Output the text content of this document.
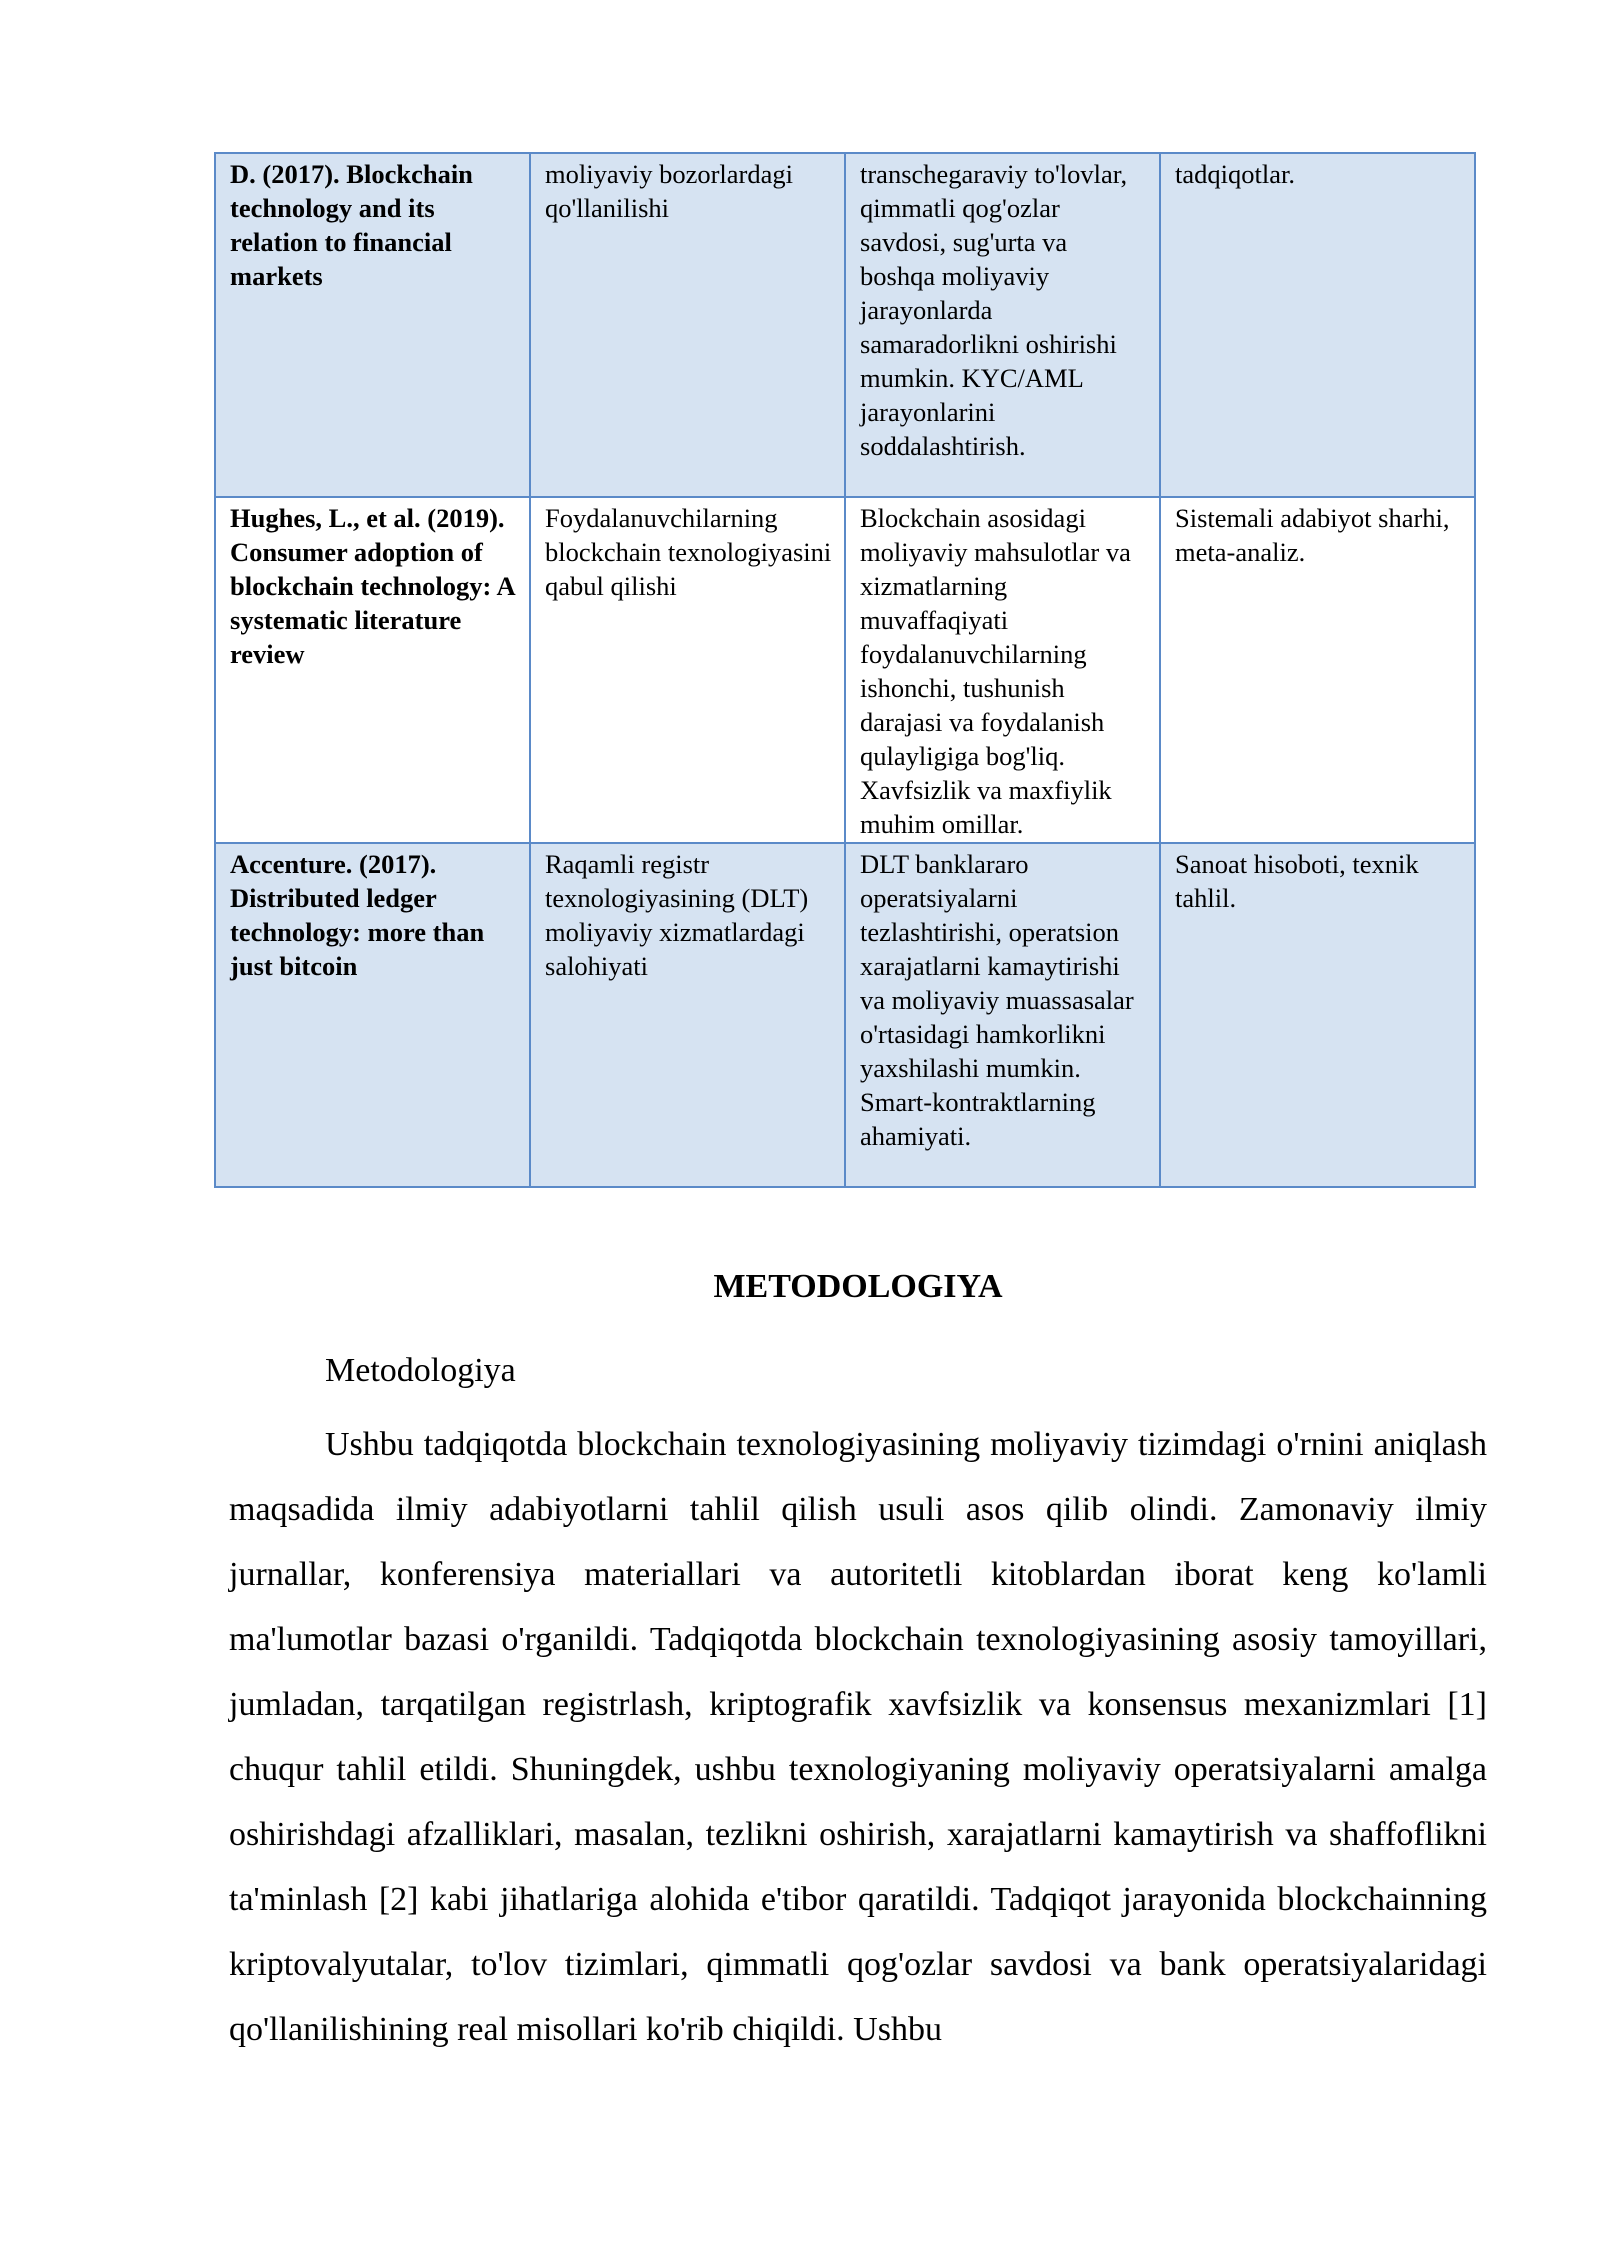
D. (2017). Blockchain technology and its relation to financial markets	moliyaviy bozorlardagi qo'llanilishi	transchegaraviy to'lovlar, qimmatli qog'ozlar savdosi, sug'urta va boshqa moliyaviy jarayonlarda samaradorlikni oshirishi mumkin. KYC/AML jarayonlarini soddalashtirish.	tadqiqotlar.
Hughes, L., et al. (2019). Consumer adoption of blockchain technology: A systematic literature review	Foydalanuvchilarning blockchain texnologiyasini qabul qilishi	Blockchain asosidagi moliyaviy mahsulotlar va xizmatlarning muvaffaqiyati foydalanuvchilarning ishonchi, tushunish darajasi va foydalanish qulayligiga bog'liq. Xavfsizlik va maxfiylik muhim omillar.	Sistemali adabiyot sharhi, meta-analiz.
Accenture. (2017). Distributed ledger technology: more than just bitcoin	Raqamli registr texnologiyasining (DLT) moliyaviy xizmatlardagi salohiyati	DLT banklararo operatsiyalarni tezlashtirishi, operatsion xarajatlarni kamaytirishi va moliyaviy muassasalar o'rtasidagi hamkorlikni yaxshilashi mumkin. Smart-kontraktlarning ahamiyati.	Sanoat hisoboti, texnik tahlil.
METODOLOGIYA
Metodologiya

Ushbu tadqiqotda blockchain texnologiyasining moliyaviy tizimdagi o'rnini aniqlash maqsadida ilmiy adabiyotlarni tahlil qilish usuli asos qilib olindi. Zamonaviy ilmiy jurnallar, konferensiya materiallari va autoritetli kitoblardan iborat keng ko'lamli ma'lumotlar bazasi o'rganildi. Tadqiqotda blockchain texnologiyasining asosiy tamoyillari, jumladan, tarqatilgan registrlash, kriptografik xavfsizlik va konsensus mexanizmlari [1] chuqur tahlil etildi. Shuningdek, ushbu texnologiyaning moliyaviy operatsiyalarni amalga oshirishdagi afzalliklari, masalan, tezlikni oshirish, xarajatlarni kamaytirish va shaffoflikni ta'minlash [2] kabi jihatlariga alohida e'tibor qaratildi. Tadqiqot jarayonida blockchainning kriptovalyutalar, to'lov tizimlari, qimmatli qog'ozlar savdosi va bank operatsiyalaridagi qo'llanilishining real misollari ko'rib chiqildi. Ushbu
